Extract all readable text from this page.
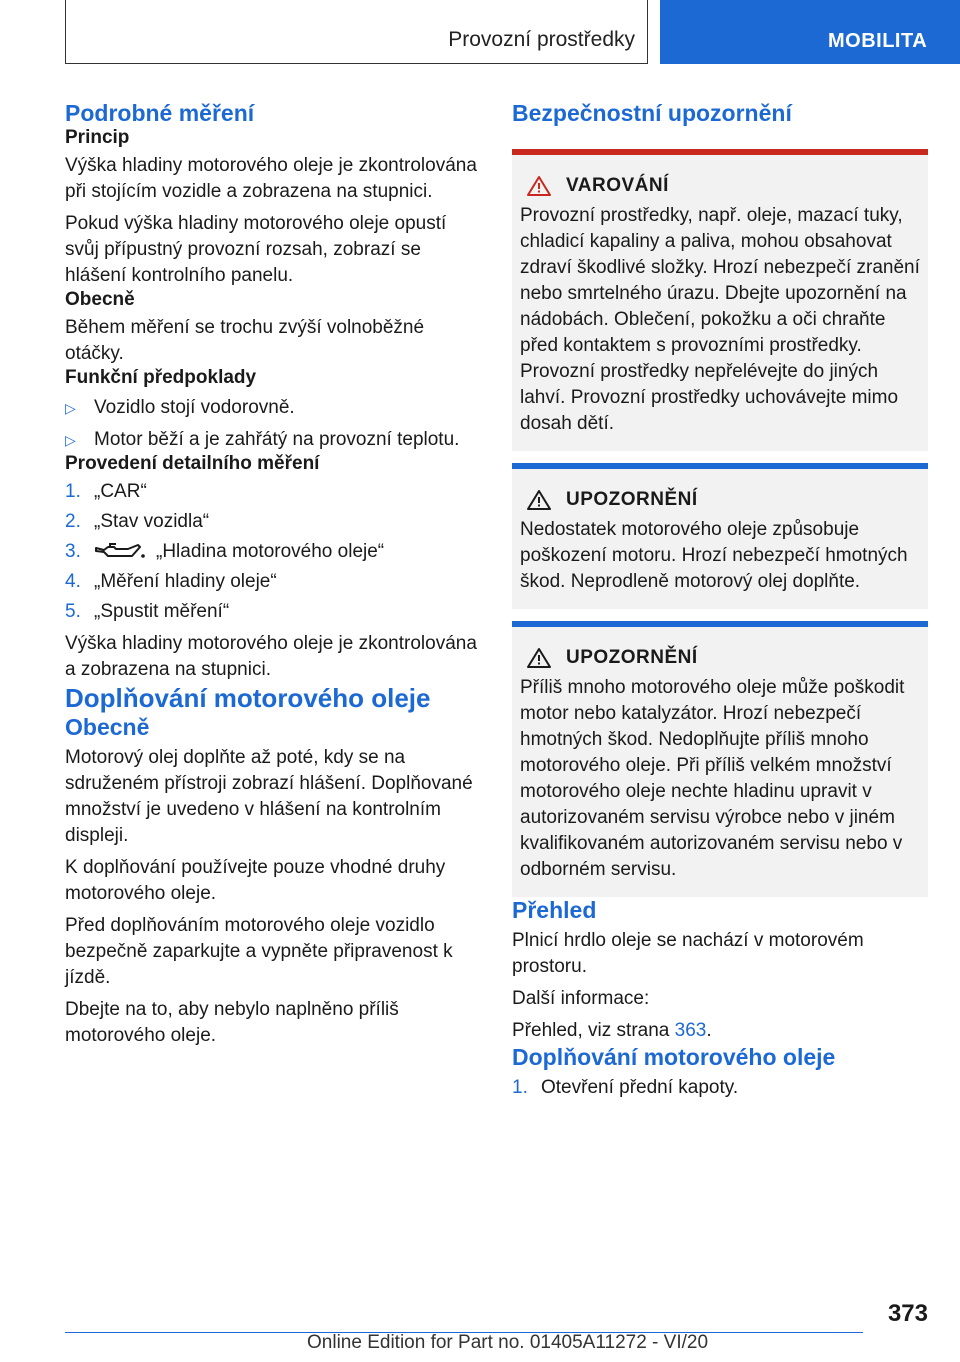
Provozní prostředky	MOBILITA
Podrobné měření
Princip

Výška hladiny motorového oleje je zkontrolována při stojícím vozidle a zobrazena na stupnici.

Pokud výška hladiny motorového oleje opustí svůj přípustný provozní rozsah, zobrazí se hlášení kontrolního panelu.

Obecně

Během měření se trochu zvýší volnoběžné otáčky.

Funkční předpoklady
▷ Vozidlo stojí vodorovně.
▷ Motor běží a je zahřátý na provozní teplotu.
Provedení detailního měření
1. „CAR“
2. „Stav vozidla“
3.	„Hladina motorového oleje“
4. „Měření hladiny oleje“
5. „Spustit měření“

Výška hladiny motorového oleje je zkontrolována a zobrazena na stupnici.

Doplňování motorového oleje
Obecně

Motorový olej doplňte až poté, kdy se na sdruženém přístroji zobrazí hlášení. Doplňované množství je uvedeno v hlášení na kontrolním displeji.

K doplňování používejte pouze vhodné druhy motorového oleje.

Před doplňováním motorového oleje vozidlo bezpečně zaparkujte a vypněte připravenost k jízdě.

Dbejte na to, aby nebylo naplněno příliš motorového oleje.

Bezpečnostní upozornění
VAROVÁNÍ

Provozní prostředky, např. oleje, mazací tuky, chladicí kapaliny a paliva, mohou obsahovat zdraví škodlivé složky. Hrozí nebezpečí zranění nebo smrtelného úrazu. Dbejte upozornění na nádobách. Oblečení, pokožku a oči chraňte před kontaktem s provozními prostředky. Provozní prostředky nepřelévejte do jiných lahví. Provozní prostředky uchovávejte mimo dosah dětí.

UPOZORNĚNÍ

Nedostatek motorového oleje způsobuje poškození motoru. Hrozí nebezpečí hmotných škod. Neprodleně motorový olej doplňte.

UPOZORNĚNÍ

Příliš mnoho motorového oleje může poškodit motor nebo katalyzátor. Hrozí nebezpečí hmotných škod. Nedoplňujte příliš mnoho motorového oleje. Při příliš velkém množství motorového oleje nechte hladinu upravit v autorizovaném servisu výrobce nebo v jiném kvalifikovaném autorizovaném servisu nebo v odborném servisu.

Přehled

Plnicí hrdlo oleje se nachází v motorovém prostoru.

Další informace:

Přehled, viz strana 363.

Doplňování motorového oleje
1. Otevření přední kapoty.
373
Online Edition for Part no. 01405A11272 - VI/20
